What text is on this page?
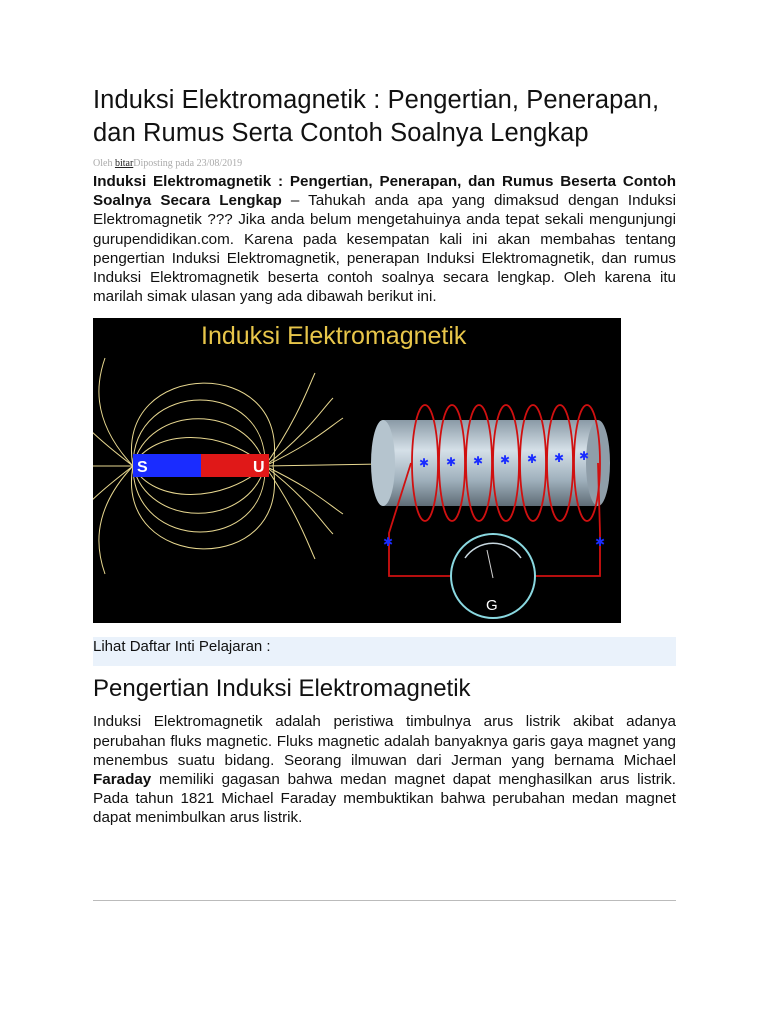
Induksi Elektromagnetik : Pengertian, Penerapan, dan Rumus Serta Contoh Soalnya Lengkap
Oleh bitarDiposting pada 23/08/2019

Induksi Elektromagnetik : Pengertian, Penerapan, dan Rumus Beserta Contoh Soalnya Secara Lengkap – Tahukah anda apa yang dimaksud dengan Induksi Elektromagnetik ??? Jika anda belum mengetahuinya anda tepat sekali mengunjungi gurupendidikan.com. Karena pada kesempatan kali ini akan membahas tentang pengertian Induksi Elektromagnetik, penerapan Induksi Elektromagnetik, dan rumus Induksi Elektromagnetik beserta contoh soalnya secara lengkap. Oleh karena itu marilah simak ulasan yang ada dibawah berikut ini.

Induksi Elektromagnetik
S	U	✱ ✱ ✱ ✱ ✱ ✱ ✱
✱	✱
G
Lihat Daftar Inti Pelajaran :
Pengertian Induksi Elektromagnetik

Induksi Elektromagnetik adalah peristiwa timbulnya arus listrik akibat adanya perubahan fluks magnetic. Fluks magnetic adalah banyaknya garis gaya magnet yang menembus suatu bidang. Seorang ilmuwan dari Jerman yang bernama Michael Faraday memiliki gagasan bahwa medan magnet dapat menghasilkan arus listrik. Pada tahun 1821 Michael Faraday membuktikan bahwa perubahan medan magnet dapat menimbulkan arus listrik.
